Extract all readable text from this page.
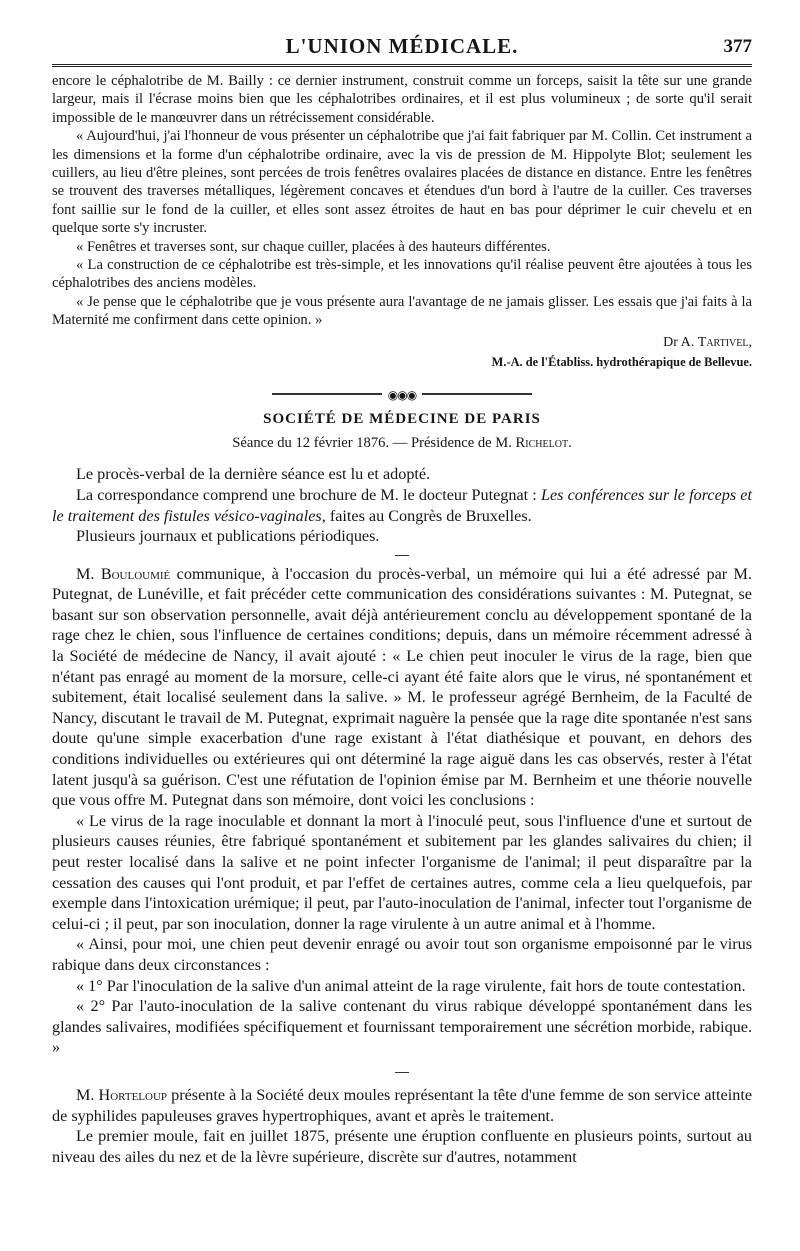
L'UNION MÉDICALE.	377

encore le céphalotribe de M. Bailly : ce dernier instrument, construit comme un forceps, saisit la tête sur une grande largeur, mais il l'écrase moins bien que les céphalotribes ordinaires, et il est plus volumineux ; de sorte qu'il serait impossible de le manœuvrer dans un rétrécissement considérable.

« Aujourd'hui, j'ai l'honneur de vous présenter un céphalotribe que j'ai fait fabriquer par M. Collin. Cet instrument a les dimensions et la forme d'un céphalotribe ordinaire, avec la vis de pression de M. Hippolyte Blot; seulement les cuillers, au lieu d'être pleines, sont percées de trois fenêtres ovalaires placées de distance en distance. Entre les fenêtres se trouvent des traverses métalliques, légèrement concaves et étendues d'un bord à l'autre de la cuiller. Ces traverses font saillie sur le fond de la cuiller, et elles sont assez étroites de haut en bas pour déprimer le cuir chevelu et en quelque sorte s'y incruster.

« Fenêtres et traverses sont, sur chaque cuiller, placées à des hauteurs différentes.

« La construction de ce céphalotribe est très-simple, et les innovations qu'il réalise peuvent être ajoutées à tous les céphalotribes des anciens modèles.

« Je pense que le céphalotribe que je vous présente aura l'avantage de ne jamais glisser. Les essais que j'ai faits à la Maternité me confirment dans cette opinion. »

Dr A. Tartivel,
M.-A. de l'Établiss. hydrothérapique de Bellevue.
◉◉◉
SOCIÉTÉ DE MÉDECINE DE PARIS
Séance du 12 février 1876. — Présidence de M. Richelot.

Le procès-verbal de la dernière séance est lu et adopté.

La correspondance comprend une brochure de M. le docteur Putegnat : Les conférences sur le forceps et le traitement des fistules vésico-vaginales, faites au Congrès de Bruxelles.

Plusieurs journaux et publications périodiques.

M. Bouloumié communique, à l'occasion du procès-verbal, un mémoire qui lui a été adressé par M. Putegnat, de Lunéville, et fait précéder cette communication des considérations suivantes : M. Putegnat, se basant sur son observation personnelle, avait déjà antérieurement conclu au développement spontané de la rage chez le chien, sous l'influence de certaines conditions; depuis, dans un mémoire récemment adressé à la Société de médecine de Nancy, il avait ajouté : « Le chien peut inoculer le virus de la rage, bien que n'étant pas enragé au moment de la morsure, celle-ci ayant été faite alors que le virus, né spontanément et subitement, était localisé seulement dans la salive. » M. le professeur agrégé Bernheim, de la Faculté de Nancy, discutant le travail de M. Putegnat, exprimait naguère la pensée que la rage dite spontanée n'est sans doute qu'une simple exacerbation d'une rage existant à l'état diathésique et pouvant, en dehors des conditions individuelles ou extérieures qui ont déterminé la rage aiguë dans les cas observés, rester à l'état latent jusqu'à sa guérison. C'est une réfutation de l'opinion émise par M. Bernheim et une théorie nouvelle que vous offre M. Putegnat dans son mémoire, dont voici les conclusions :

« Le virus de la rage inoculable et donnant la mort à l'inoculé peut, sous l'influence d'une et surtout de plusieurs causes réunies, être fabriqué spontanément et subitement par les glandes salivaires du chien; il peut rester localisé dans la salive et ne point infecter l'organisme de l'animal; il peut disparaître par la cessation des causes qui l'ont produit, et par l'effet de certaines autres, comme cela a lieu quelquefois, par exemple dans l'intoxication urémique; il peut, par l'auto-inoculation de l'animal, infecter tout l'organisme de celui-ci ; il peut, par son inoculation, donner la rage virulente à un autre animal et à l'homme.

« Ainsi, pour moi, une chien peut devenir enragé ou avoir tout son organisme empoisonné par le virus rabique dans deux circonstances :

« 1° Par l'inoculation de la salive d'un animal atteint de la rage virulente, fait hors de toute contestation.

« 2° Par l'auto-inoculation de la salive contenant du virus rabique développé spontanément dans les glandes salivaires, modifiées spécifiquement et fournissant temporairement une sécrétion morbide, rabique. »

M. Horteloup présente à la Société deux moules représentant la tête d'une femme de son service atteinte de syphilides papuleuses graves hypertrophiques, avant et après le traitement.

Le premier moule, fait en juillet 1875, présente une éruption confluente en plusieurs points, surtout au niveau des ailes du nez et de la lèvre supérieure, discrète sur d'autres, notamment
